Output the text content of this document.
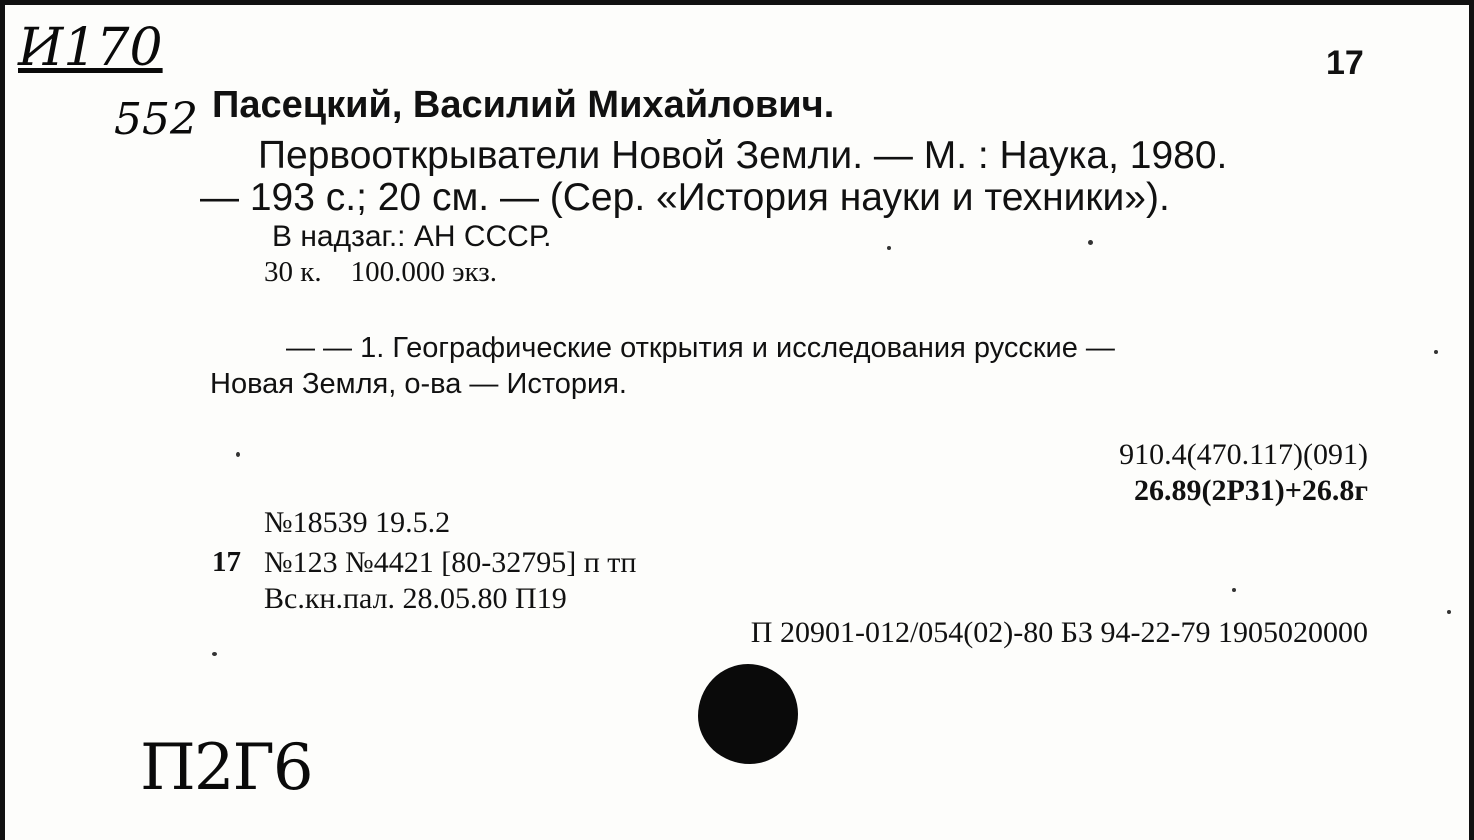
И170
552
17
Пасецкий, Василий Михайлович.
Первооткрыватели Новой Земли. — М. : Наука, 1980.
— 193 с.; 20 см. — (Сер. «История науки и техники»).
В надзаг.: АН СССР.
30 к.    100.000 экз.
— — 1. Географические открытия и исследования русские —
Новая Земля, о-ва — История.
910.4(470.117)(091)
26.89(2Р31)+26.8г
№18539 19.5.2
17 №123 №4421 [80-32795] п тп
Вс.кн.пал. 28.05.80 П19
П 20901-012/054(02)-80 БЗ 94-22-79 1905020000
П2Г6
